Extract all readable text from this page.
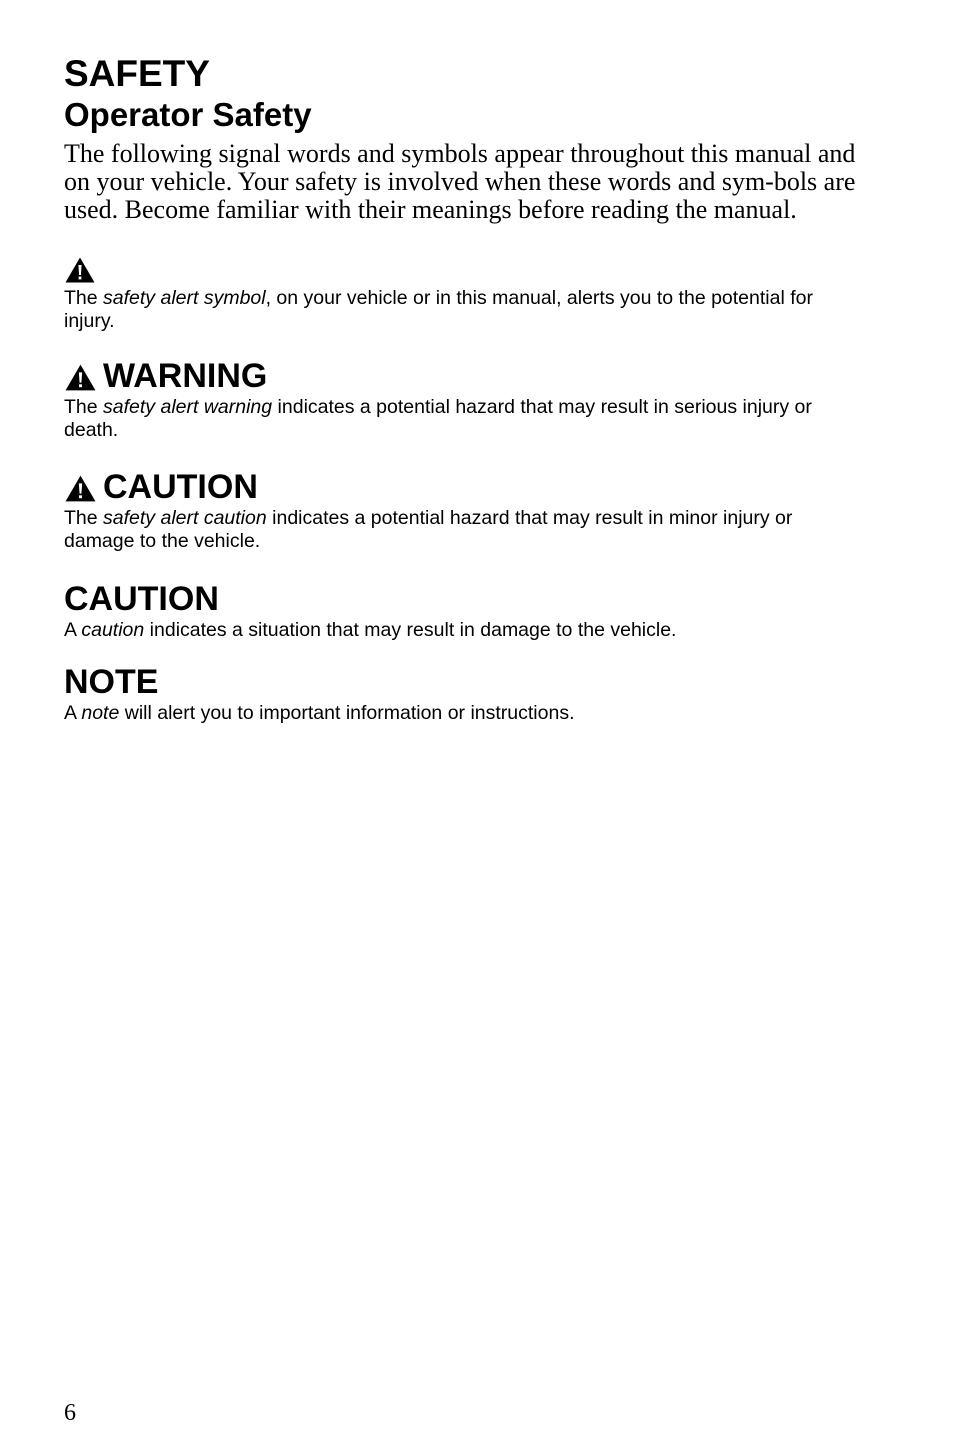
SAFETY
Operator Safety

The following signal words and symbols appear throughout this manual and on your vehicle. Your safety is involved when these words and sym-bols are used. Become familiar with their meanings before reading the manual.

The safety alert symbol, on your vehicle or in this manual, alerts you to the potential for injury.

WARNING

The safety alert warning indicates a potential hazard that may result in serious injury or death.

CAUTION

The safety alert caution indicates a potential hazard that may result in minor injury or damage to the vehicle.

CAUTION

A caution indicates a situation that may result in damage to the vehicle.

NOTE

A note will alert you to important information or instructions.

6
